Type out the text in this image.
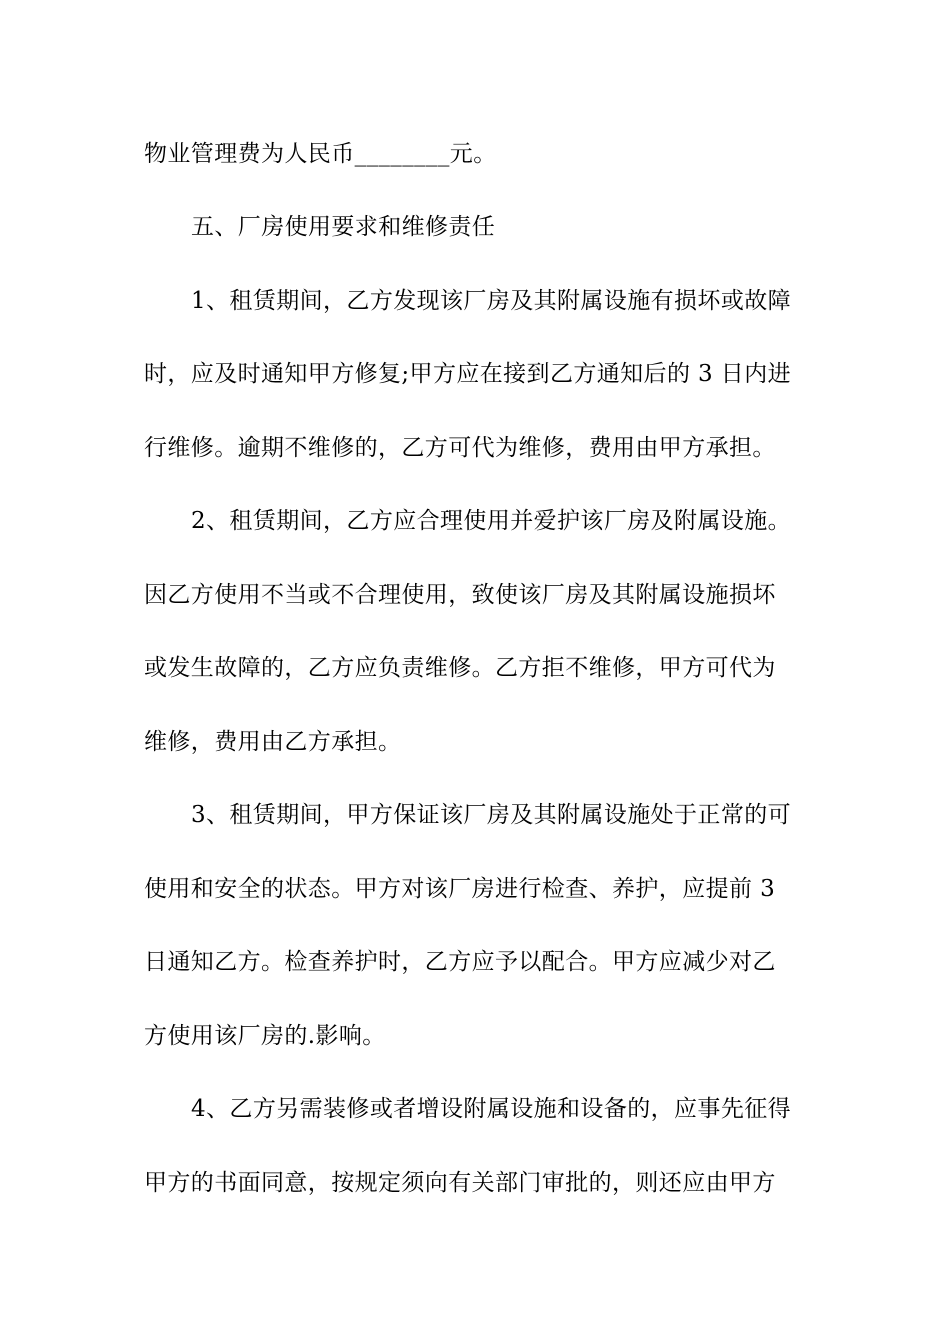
物业管理费为人民币________元。
五、厂房使用要求和维修责任
1、租赁期间，乙方发现该厂房及其附属设施有损坏或故障
时，应及时通知甲方修复;甲方应在接到乙方通知后的 3 日内进
行维修。逾期不维修的，乙方可代为维修，费用由甲方承担。
2、租赁期间，乙方应合理使用并爱护该厂房及附属设施。
因乙方使用不当或不合理使用，致使该厂房及其附属设施损坏
或发生故障的，乙方应负责维修。乙方拒不维修，甲方可代为
维修，费用由乙方承担。
3、租赁期间，甲方保证该厂房及其附属设施处于正常的可
使用和安全的状态。甲方对该厂房进行检查、养护，应提前 3
日通知乙方。检查养护时，乙方应予以配合。甲方应减少对乙
方使用该厂房的.影响。
4、乙方另需装修或者增设附属设施和设备的，应事先征得
甲方的书面同意，按规定须向有关部门审批的，则还应由甲方
